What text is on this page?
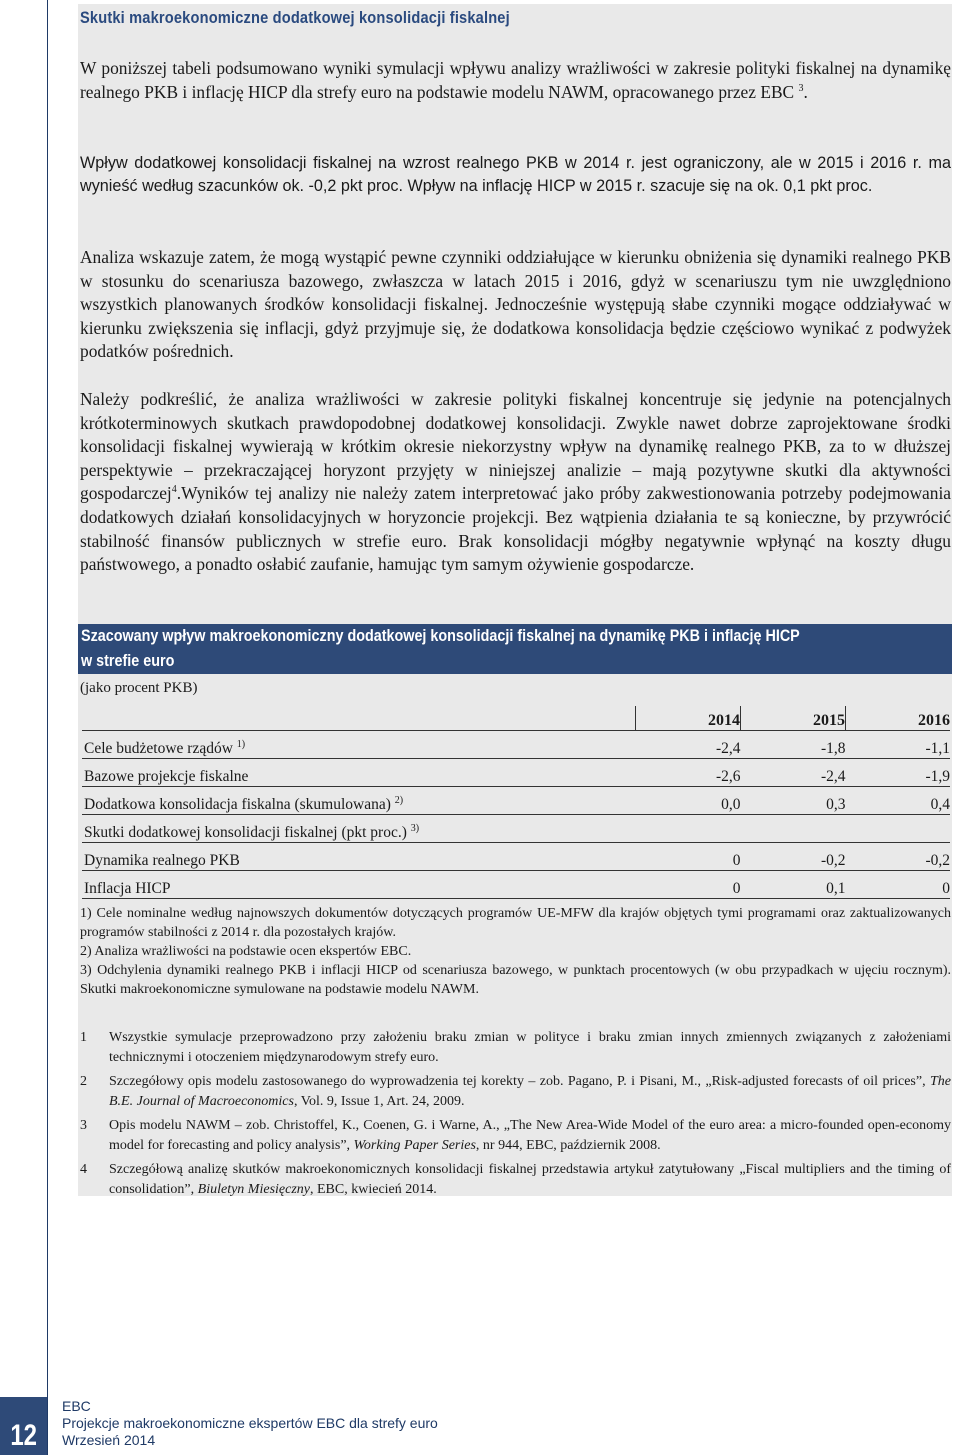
Skutki makroekonomiczne dodatkowej konsolidacji fiskalnej

W poniższej tabeli podsumowano wyniki symulacji wpływu analizy wrażliwości w zakresie polityki fiskalnej na dynamikę realnego PKB i inflację HICP dla strefy euro na podstawie modelu NAWM, opracowanego przez EBC $^3$.

Wpływ dodatkowej konsolidacji fiskalnej na wzrost realnego PKB w 2014 r. jest ograniczony, ale w 2015 i 2016 r. ma wynieść według szacunków ok. -0,2 pkt proc. Wpływ na inflację HICP w 2015 r. szacuje się na ok. 0,1 pkt proc.

Analiza wskazuje zatem, że mogą wystąpić pewne czynniki oddziałujące w kierunku obniżenia się dynamiki realnego PKB w stosunku do scenariusza bazowego, zwłaszcza w latach 2015 i 2016, gdyż w scenariuszu tym nie uwzględniono wszystkich planowanych środków konsolidacji fiskalnej. Jednocześnie występują słabe czynniki mogące oddziaływać w kierunku zwiększenia się inflacji, gdyż przyjmuje się, że dodatkowa konsolidacja będzie częściowo wynikać z podwyżek podatków pośrednich.

Należy podkreślić, że analiza wrażliwości w zakresie polityki fiskalnej koncentruje się jedynie na potencjalnych krótkoterminowych skutkach prawdopodobnej dodatkowej konsolidacji. Zwykle nawet dobrze zaprojektowane środki konsolidacji fiskalnej wywierają w krótkim okresie niekorzystny wpływ na dynamikę realnego PKB, za to w dłuższej perspektywie – przekraczającej horyzont przyjęty w niniejszej analizie – mają pozytywne skutki dla aktywności gospodarczej$^4$.Wyników tej analizy nie należy zatem interpretować jako próby zakwestionowania potrzeby podejmowania dodatkowych działań konsolidacyjnych w horyzoncie projekcji. Bez wątpienia działania te są konieczne, by przywrócić stabilność finansów publicznych w strefie euro. Brak konsolidacji mógłby negatywnie wpłynąć na koszty długu państwowego, a ponadto osłabić zaufanie, hamując tym samym ożywienie gospodarcze.

Szacowany wpływ makroekonomiczny dodatkowej konsolidacji fiskalnej na dynamikę PKB i inflację HICP
w strefie euro
(jako procent PKB)
	2014	2015	2016
Cele budżetowe rządów $^{1)}$	-2,4	-1,8	-1,1
Bazowe projekcje fiskalne	-2,6	-2,4	-1,9
Dodatkowa konsolidacja fiskalna (skumulowana) $^{2)}$	0,0	0,3	0,4
Skutki dodatkowej konsolidacji fiskalnej (pkt proc.) $^{3)}$			
Dynamika realnego PKB	0	-0,2	-0,2
Inflacja HICP	0	0,1	0

1) Cele nominalne według najnowszych dokumentów dotyczących programów UE-MFW dla krajów objętych tymi programami oraz zaktualizowanych programów stabilności z 2014 r. dla pozostałych krajów.

2) Analiza wrażliwości na podstawie ocen ekspertów EBC.

3) Odchylenia dynamiki realnego PKB i inflacji HICP od scenariusza bazowego, w punktach procentowych (w obu przypadkach w ujęciu rocznym). Skutki makroekonomiczne symulowane na podstawie modelu NAWM.

1	Wszystkie symulacje przeprowadzono przy założeniu braku zmian w polityce i braku zmian innych zmiennych związanych z założeniami technicznymi i otoczeniem międzynarodowym strefy euro.
2	Szczegółowy opis modelu zastosowanego do wyprowadzenia tej korekty – zob. Pagano, P. i Pisani, M., „Risk-adjusted forecasts of oil prices”, The B.E. Journal of Macroeconomics, Vol. 9, Issue 1, Art. 24, 2009.
3	Opis modelu NAWM – zob. Christoffel, K., Coenen, G. i Warne, A., „The New Area-Wide Model of the euro area: a micro-founded open-economy model for forecasting and policy analysis”, Working Paper Series, nr 944, EBC, październik 2008.
4	Szczegółową analizę skutków makroekonomicznych konsolidacji fiskalnej przedstawia artykuł zatytułowany „Fiscal multipliers and the timing of consolidation”, Biuletyn Miesięczny, EBC, kwiecień 2014.
12
EBC
Projekcje makroekonomiczne ekspertów EBC dla strefy euro
Wrzesień 2014
